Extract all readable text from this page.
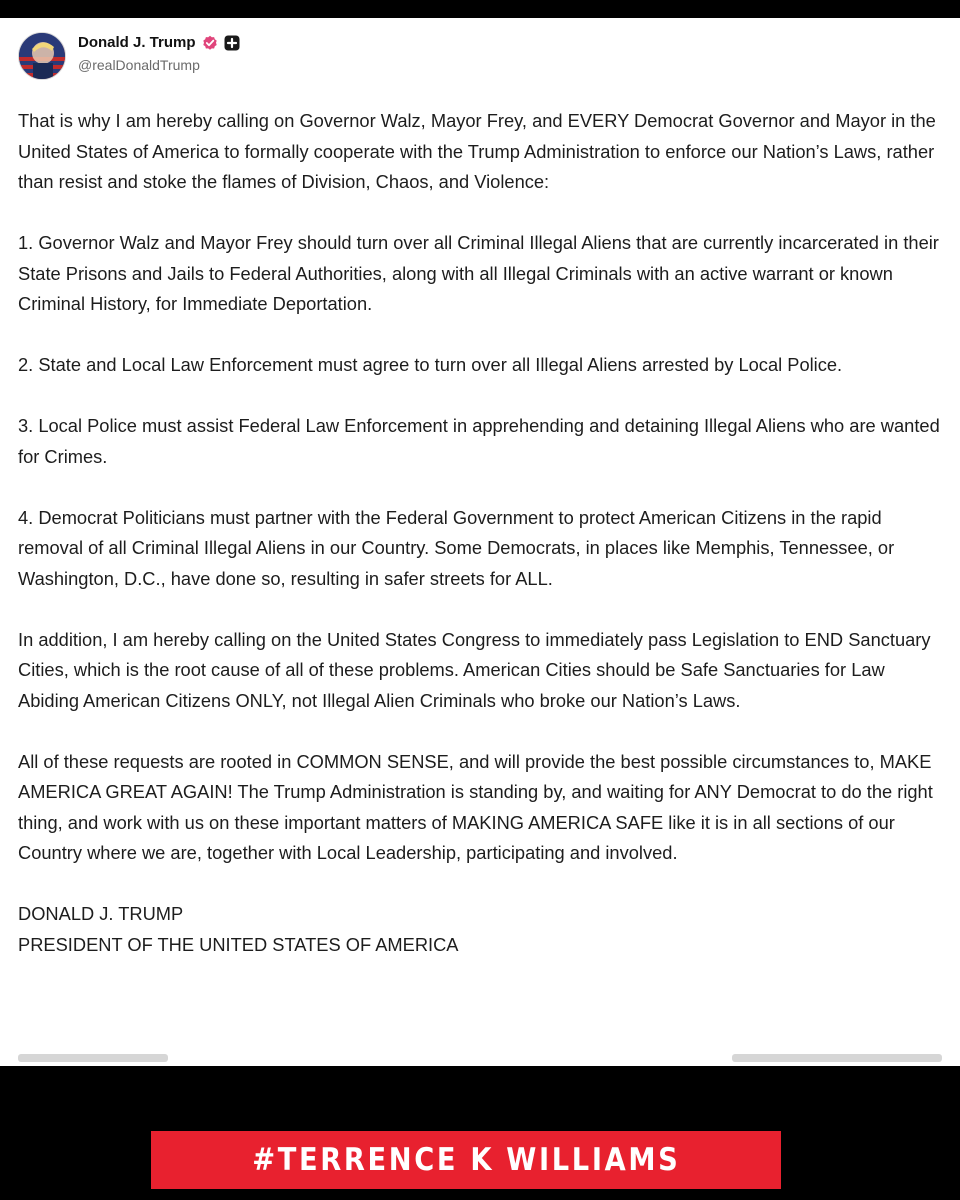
Donald J. Trump
@realDonaldTrump

That is why I am hereby calling on Governor Walz, Mayor Frey, and EVERY Democrat Governor and Mayor in the United States of America to formally cooperate with the Trump Administration to enforce our Nation’s Laws, rather than resist and stoke the flames of Division, Chaos, and Violence:

1. Governor Walz and Mayor Frey should turn over all Criminal Illegal Aliens that are currently incarcerated in their State Prisons and Jails to Federal Authorities, along with all Illegal Criminals with an active warrant or known Criminal History, for Immediate Deportation.

2. State and Local Law Enforcement must agree to turn over all Illegal Aliens arrested by Local Police.

3. Local Police must assist Federal Law Enforcement in apprehending and detaining Illegal Aliens who are wanted for Crimes.

4. Democrat Politicians must partner with the Federal Government to protect American Citizens in the rapid removal of all Criminal Illegal Aliens in our Country. Some Democrats, in places like Memphis, Tennessee, or Washington, D.C., have done so, resulting in safer streets for ALL.

In addition, I am hereby calling on the United States Congress to immediately pass Legislation to END Sanctuary Cities, which is the root cause of all of these problems. American Cities should be Safe Sanctuaries for Law Abiding American Citizens ONLY, not Illegal Alien Criminals who broke our Nation’s Laws.

All of these requests are rooted in COMMON SENSE, and will provide the best possible circumstances to, MAKE AMERICA GREAT AGAIN! The Trump Administration is standing by, and waiting for ANY Democrat to do the right thing, and work with us on these important matters of MAKING AMERICA SAFE like it is in all sections of our Country where we are, together with Local Leadership, participating and involved.

DONALD J. TRUMP

PRESIDENT OF THE UNITED STATES OF AMERICA

#TERRENCE K WILLIAMS
